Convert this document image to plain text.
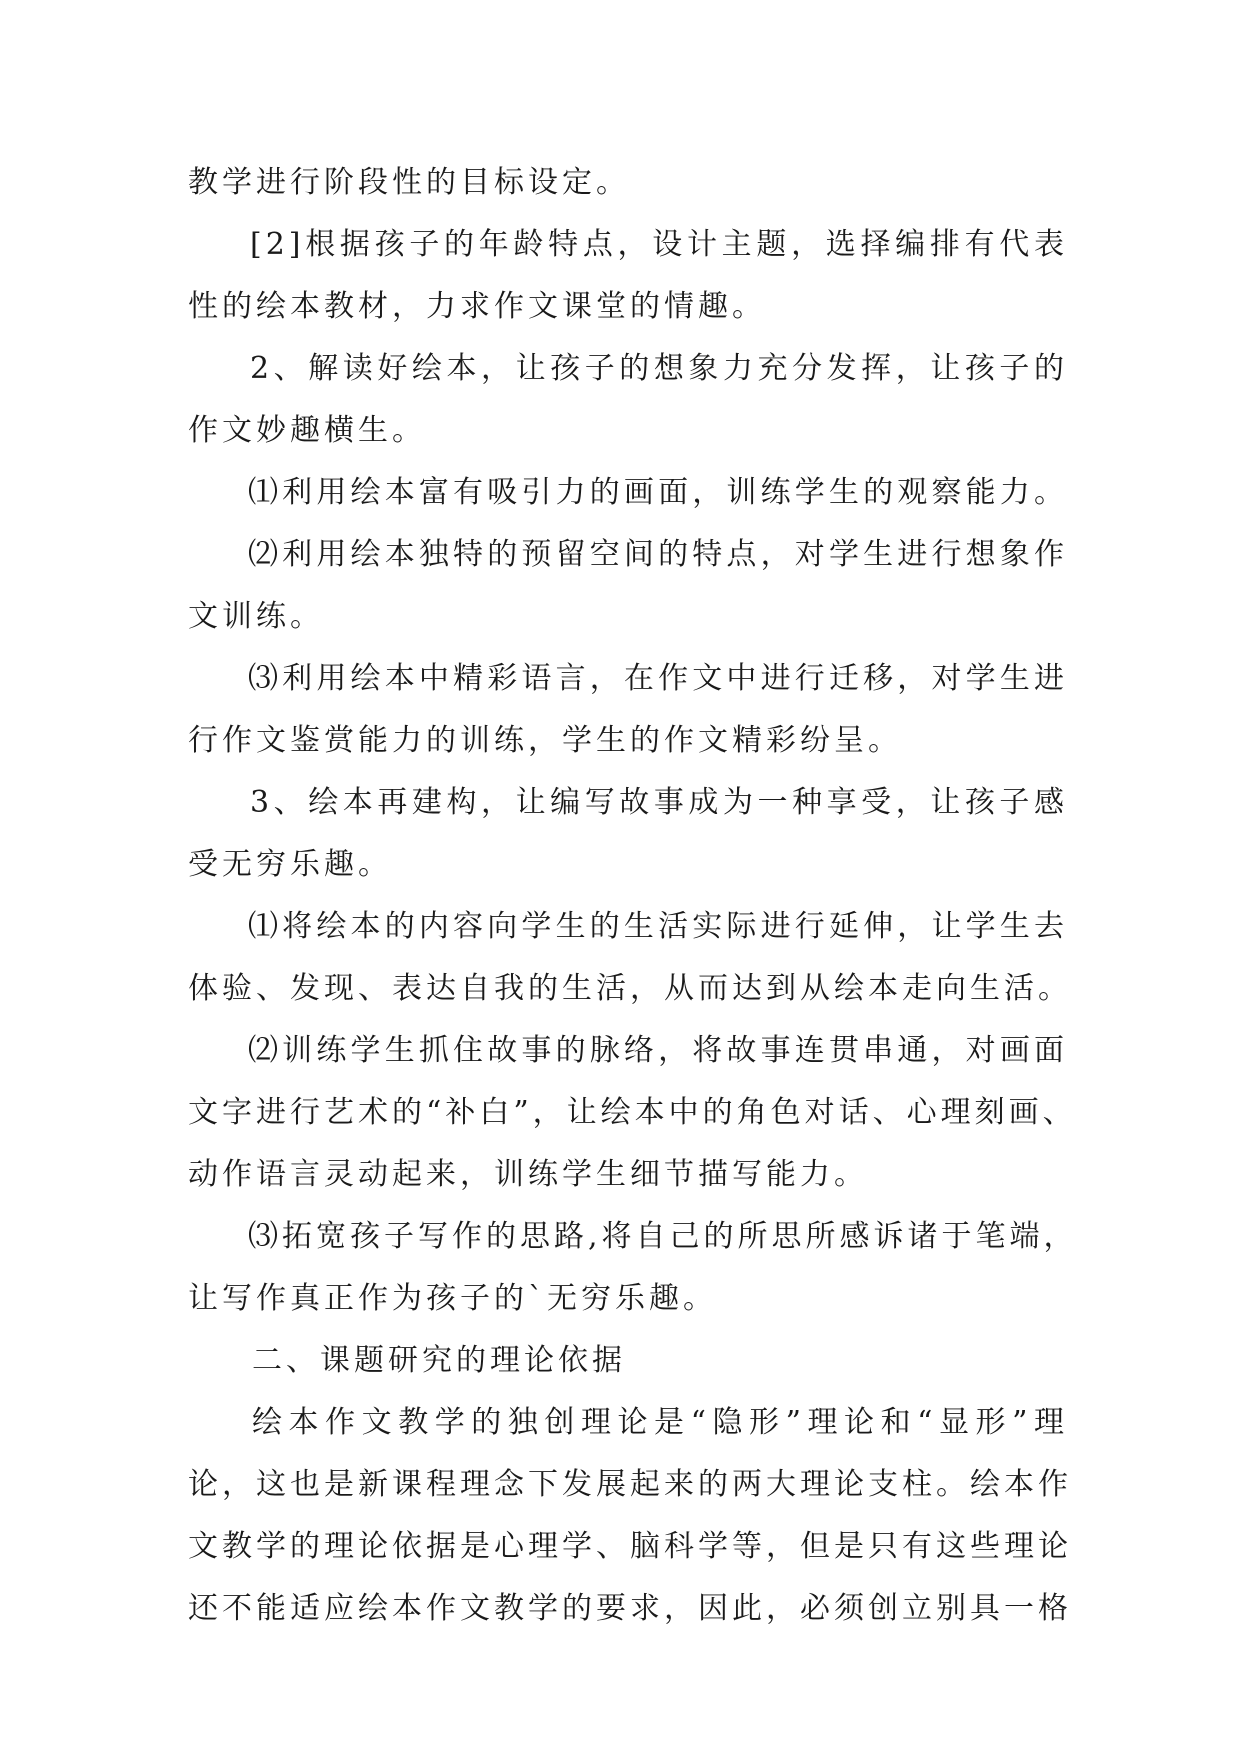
教学进行阶段性的目标设定。
[2]根据孩子的年龄特点，设计主题，选择编排有代表
性的绘本教材，力求作文课堂的情趣。
2、解读好绘本，让孩子的想象力充分发挥，让孩子的
作文妙趣横生。
⑴利用绘本富有吸引力的画面，训练学生的观察能力。
⑵利用绘本独特的预留空间的特点，对学生进行想象作
文训练。
⑶利用绘本中精彩语言，在作文中进行迁移，对学生进
行作文鉴赏能力的训练，学生的作文精彩纷呈。
3、绘本再建构，让编写故事成为一种享受，让孩子感
受无穷乐趣。
⑴将绘本的内容向学生的生活实际进行延伸，让学生去
体验、发现、表达自我的生活，从而达到从绘本走向生活。
⑵训练学生抓住故事的脉络，将故事连贯串通，对画面
文字进行艺术的“补白”，让绘本中的角色对话、心理刻画、
动作语言灵动起来，训练学生细节描写能力。
⑶拓宽孩子写作的思路,将自己的所思所感诉诸于笔端，
让写作真正作为孩子的`无穷乐趣。
二、课题研究的理论依据
绘本作文教学的独创理论是“隐形”理论和“显形”理
论，这也是新课程理念下发展起来的两大理论支柱。绘本作
文教学的理论依据是心理学、脑科学等，但是只有这些理论
还不能适应绘本作文教学的要求，因此，必须创立别具一格
